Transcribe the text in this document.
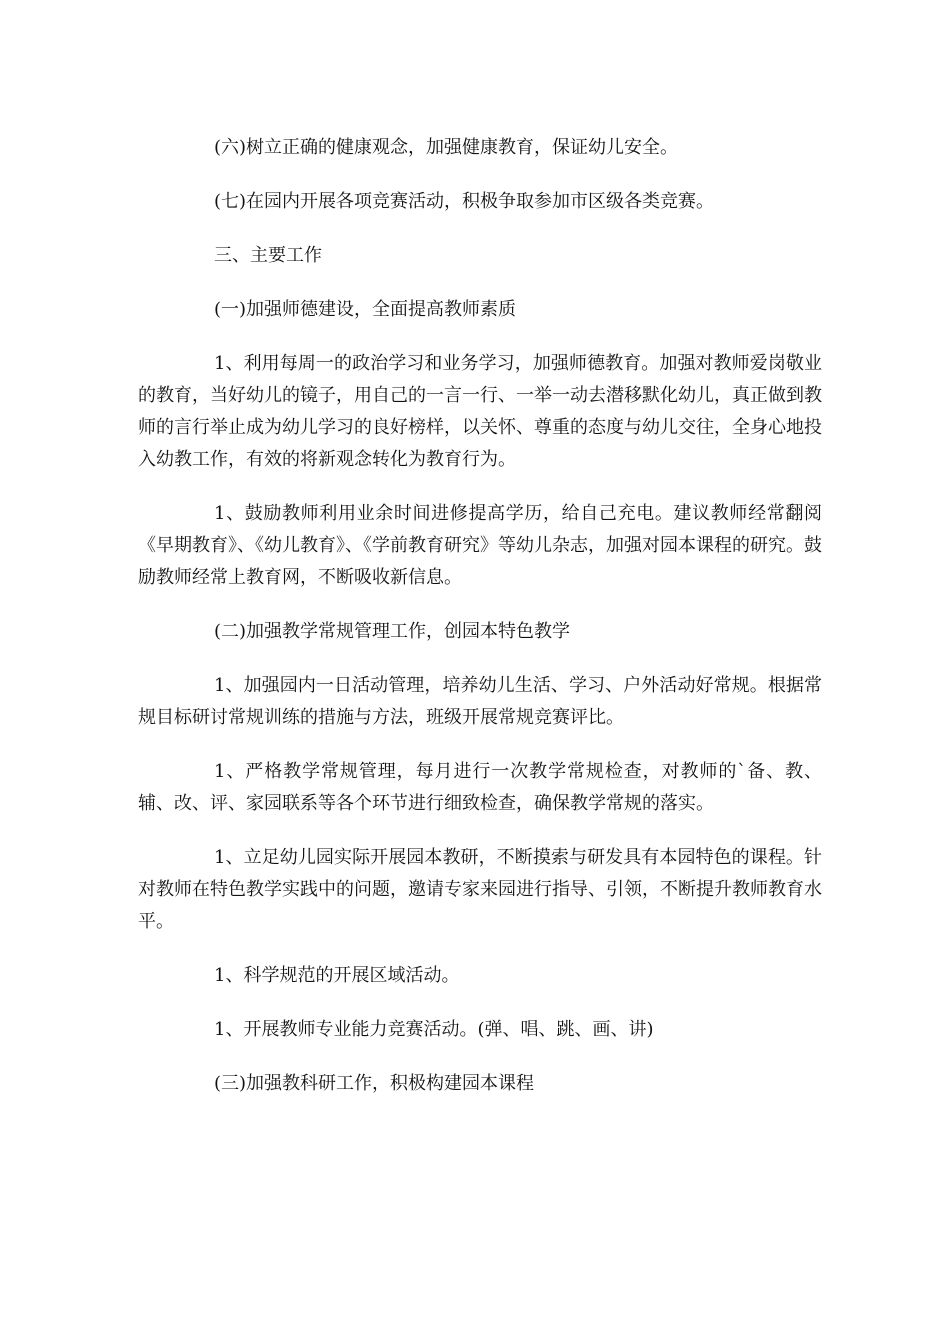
(六)树立正确的健康观念，加强健康教育，保证幼儿安全。

(七)在园内开展各项竞赛活动，积极争取参加市区级各类竞赛。

三、主要工作

(一)加强师德建设，全面提高教师素质

1、利用每周一的政治学习和业务学习，加强师德教育。加强对教师爱岗敬业的教育，当好幼儿的镜子，用自己的一言一行、一举一动去潜移默化幼儿，真正做到教师的言行举止成为幼儿学习的良好榜样，以关怀、尊重的态度与幼儿交往，全身心地投入幼教工作，有效的将新观念转化为教育行为。

1、鼓励教师利用业余时间进修提高学历，给自己充电。建议教师经常翻阅《早期教育》、《幼儿教育》、《学前教育研究》等幼儿杂志，加强对园本课程的研究。鼓励教师经常上教育网，不断吸收新信息。

(二)加强教学常规管理工作，创园本特色教学

1、加强园内一日活动管理，培养幼儿生活、学习、户外活动好常规。根据常规目标研讨常规训练的措施与方法，班级开展常规竞赛评比。

1、严格教学常规管理，每月进行一次教学常规检查，对教师的`备、教、辅、改、评、家园联系等各个环节进行细致检查，确保教学常规的落实。

1、立足幼儿园实际开展园本教研，不断摸索与研发具有本园特色的课程。针对教师在特色教学实践中的问题，邀请专家来园进行指导、引领，不断提升教师教育水平。

1、科学规范的开展区域活动。

1、开展教师专业能力竞赛活动。(弹、唱、跳、画、讲)

(三)加强教科研工作，积极构建园本课程
